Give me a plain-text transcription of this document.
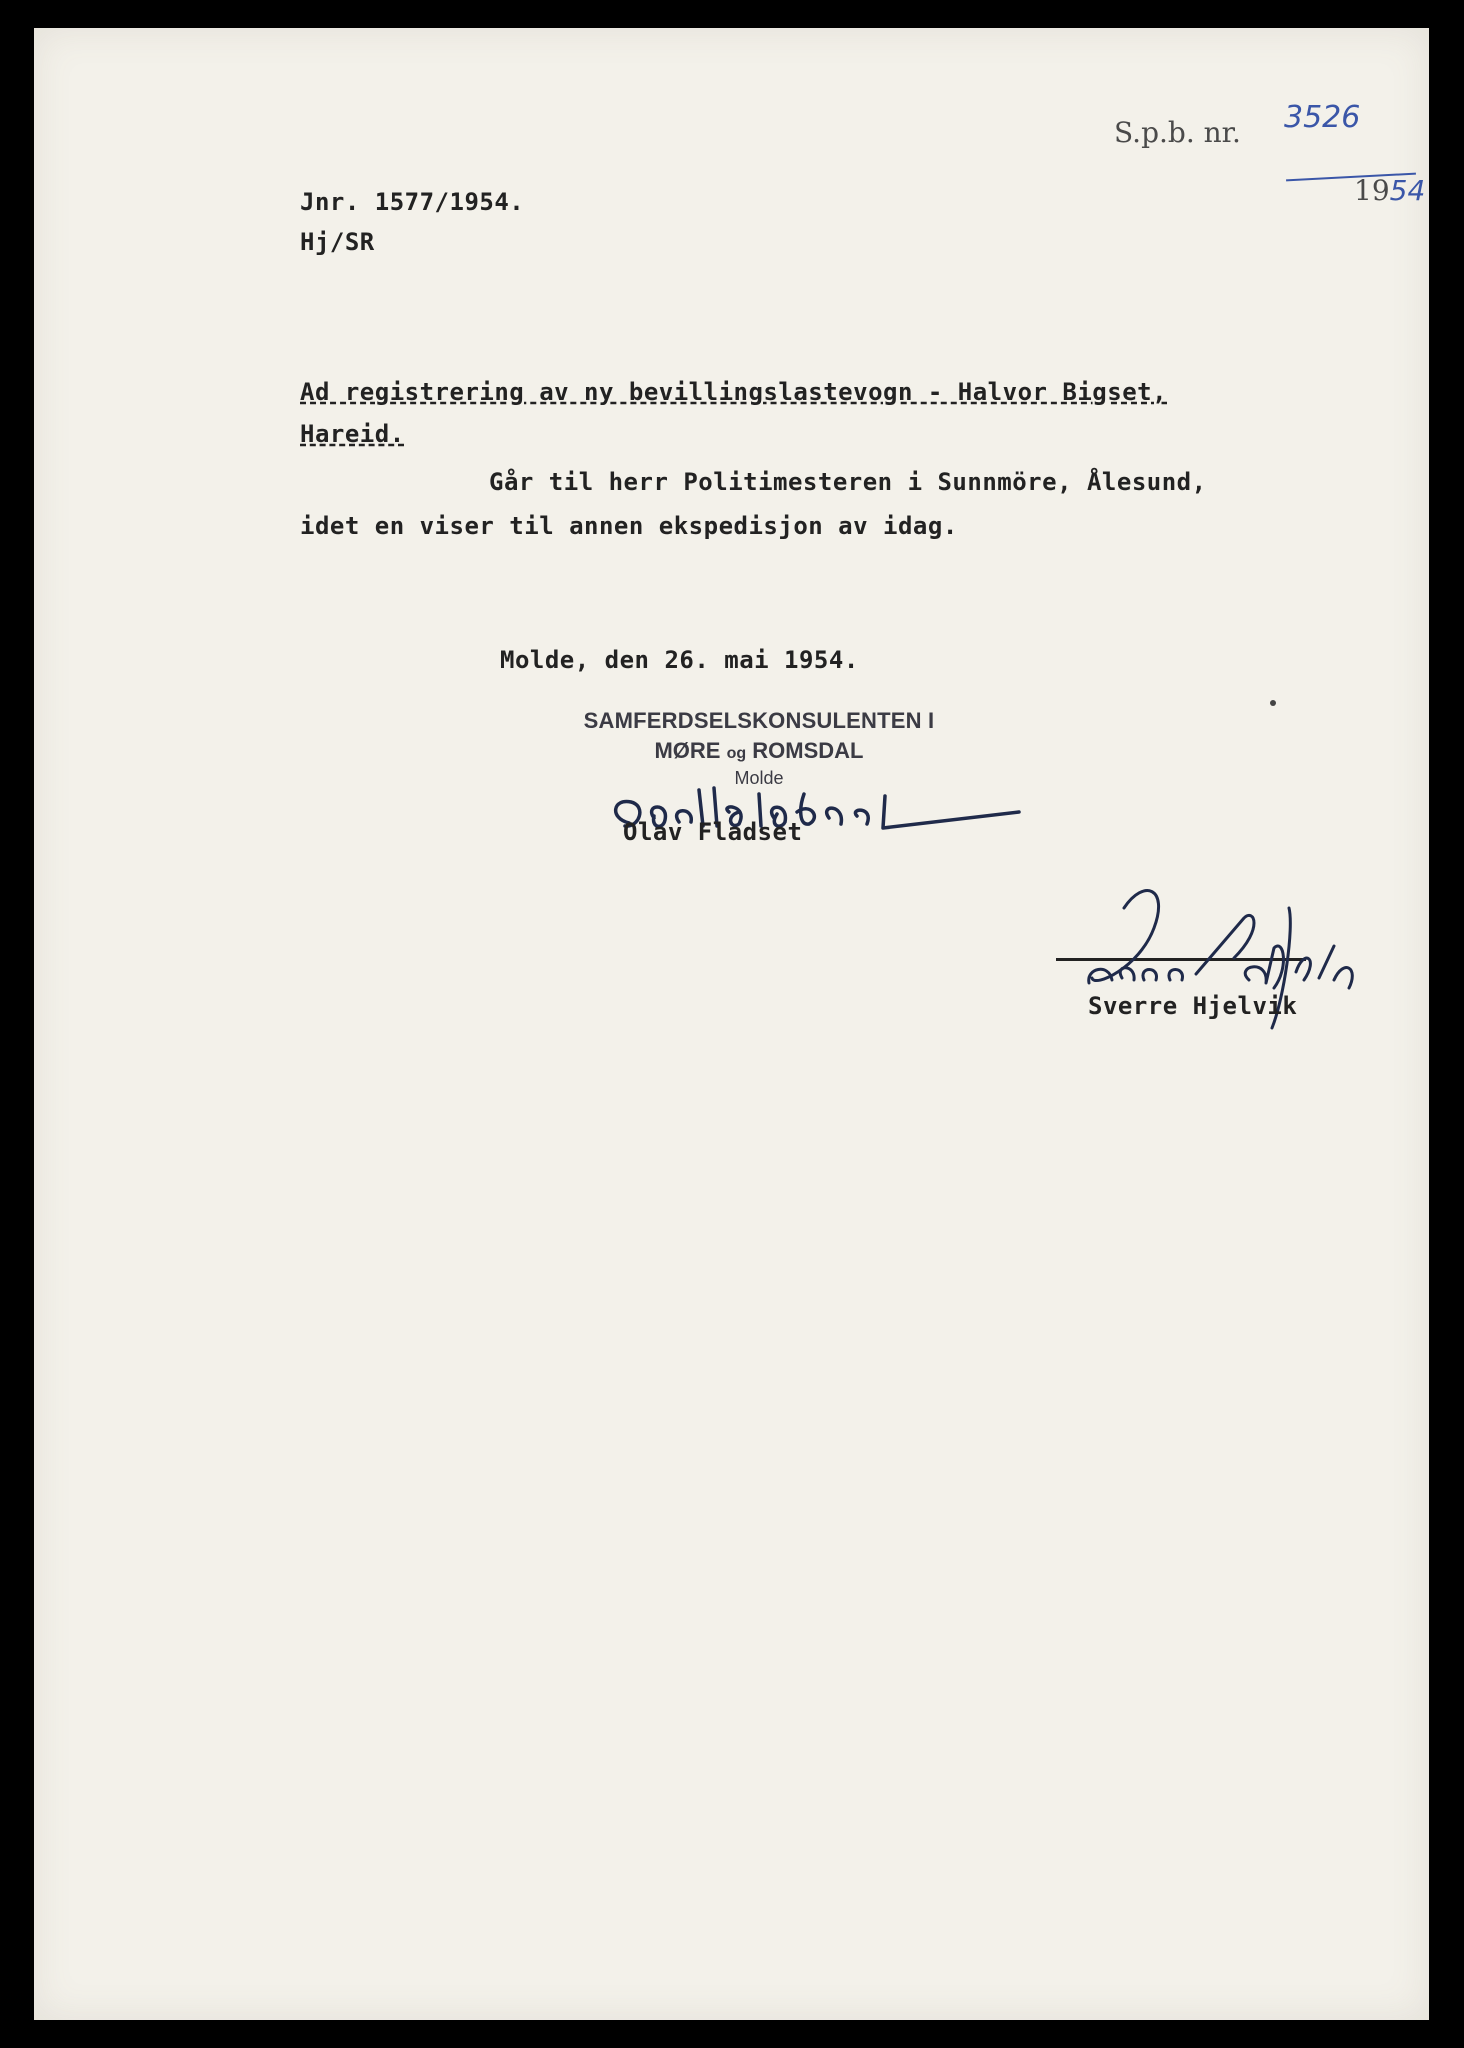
S.p.b. nr. 3526
1954
Jnr. 1577/1954.
Hj/SR
Ad registrering av ny bevillingslastevogn - Halvor Bigset,
Hareid.
Går til herr Politimesteren i Sunnmöre, Ålesund,
idet en viser til annen ekspedisjon av idag.
Molde, den 26. mai 1954.
SAMFERDSELSKONSULENTEN I
MØRE og ROMSDAL
Molde
Olav Fladset
Sverre Hjelvik
